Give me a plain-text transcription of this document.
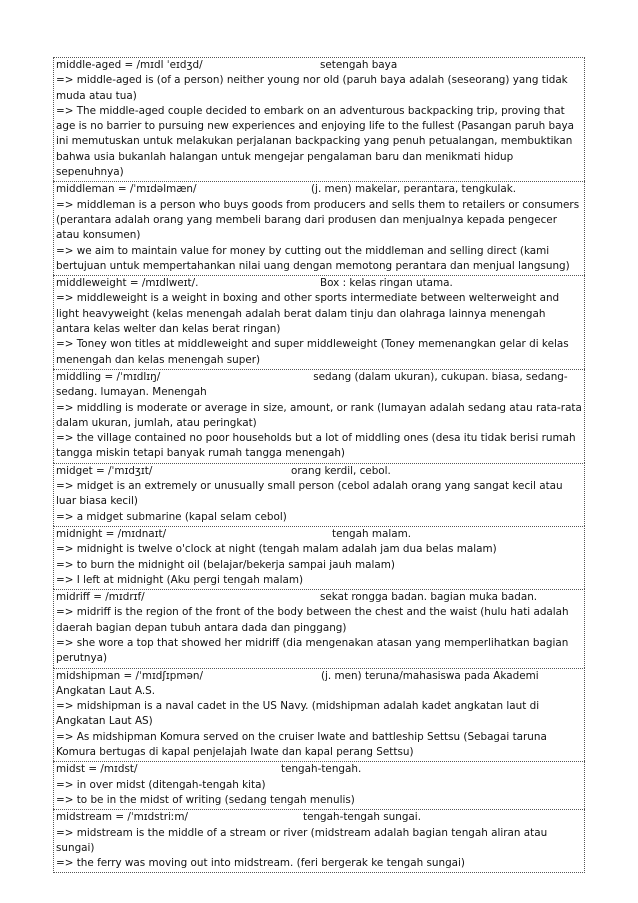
middle-aged = /mɪdl ˈeɪdʒd/	setengah baya

=> middle-aged is (of a person) neither young nor old (paruh baya adalah (seseorang) yang tidak muda atau tua)

=> The middle-aged couple decided to embark on an adventurous backpacking trip, proving that age is no barrier to pursuing new experiences and enjoying life to the fullest (Pasangan paruh baya ini memutuskan untuk melakukan perjalanan backpacking yang penuh petualangan, membuktikan bahwa usia bukanlah halangan untuk mengejar pengalaman baru dan menikmati hidup sepenuhnya)

middleman = /ˈmɪdəlmæn/	(j. men) makelar, perantara, tengkulak.

=> middleman is a person who buys goods from producers and sells them to retailers or consumers (perantara adalah orang yang membeli barang dari produsen dan menjualnya kepada pengecer atau konsumen)

=> we aim to maintain value for money by cutting out the middleman and selling direct (kami bertujuan untuk mempertahankan nilai uang dengan memotong perantara dan menjual langsung)

middleweight = /mɪdlweɪt/.	Box : kelas ringan utama.

=> middleweight is a weight in boxing and other sports intermediate between welterweight and light heavyweight (kelas menengah adalah berat dalam tinju dan olahraga lainnya menengah antara kelas welter dan kelas berat ringan)

=> Toney won titles at middleweight and super middleweight (Toney memenangkan gelar di kelas menengah dan kelas menengah super)

middling = /ˈmɪdlɪŋ/	sedang (dalam ukuran), cukupan. biasa, sedang-sedang. lumayan. Menengah

=> middling is moderate or average in size, amount, or rank (lumayan adalah sedang atau rata-rata dalam ukuran, jumlah, atau peringkat)

=> the village contained no poor households but a lot of middling ones (desa itu tidak berisi rumah tangga miskin tetapi banyak rumah tangga menengah)

midget = /ˈmɪdʒɪt/	orang kerdil, cebol.

=> midget is an extremely or unusually small person (cebol adalah orang yang sangat kecil atau luar biasa kecil)

=> a midget submarine (kapal selam cebol)

midnight = /mɪdnaɪt/	tengah malam.

=> midnight is twelve o'clock at night (tengah malam adalah jam dua belas malam)

=> to burn the midnight oil (belajar/bekerja sampai jauh malam)

=> I left at midnight (Aku pergi tengah malam)

midriff = /mɪdrɪf/	sekat rongga badan. bagian muka badan.

=> midriff is the region of the front of the body between the chest and the waist (hulu hati adalah daerah bagian depan tubuh antara dada dan pinggang)

=> she wore a top that showed her midriff (dia mengenakan atasan yang memperlihatkan bagian perutnya)

midshipman = /ˈmɪdʃɪpmən/	(j. men) teruna/mahasiswa pada Akademi Angkatan Laut A.S.

=> midshipman is a naval cadet in the US Navy. (midshipman adalah kadet angkatan laut di Angkatan Laut AS)

=> As midshipman Komura served on the cruiser Iwate and battleship Settsu (Sebagai taruna Komura bertugas di kapal penjelajah Iwate dan kapal perang Settsu)

midst = /mɪdst/	tengah-tengah.

=> in over midst (ditengah-tengah kita)

=> to be in the midst of writing (sedang tengah menulis)

midstream = /ˈmɪdstriːm/	tengah-tengah sungai.

=> midstream is the middle of a stream or river (midstream adalah bagian tengah aliran atau sungai)

=> the ferry was moving out into midstream. (feri bergerak ke tengah sungai)
